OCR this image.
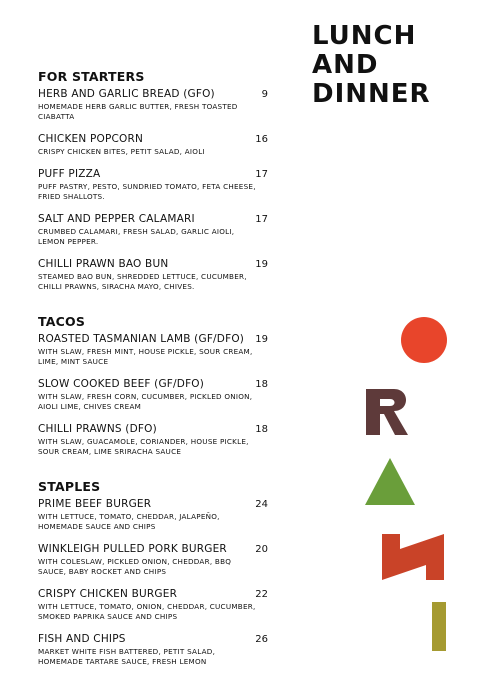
LUNCH
AND
DINNER
FOR STARTERS
HERB AND GARLIC BREAD (GFO)	9
HOMEMADE HERB GARLIC BUTTER, FRESH TOASTED CIABATTA
CHICKEN POPCORN	16
CRISPY CHICKEN BITES, PETIT SALAD, AIOLI
PUFF PIZZA	17
PUFF PASTRY, PESTO, SUNDRIED TOMATO, FETA CHEESE, FRIED SHALLOTS.
SALT AND PEPPER CALAMARI	17
CRUMBED CALAMARI, FRESH SALAD, GARLIC AIOLI, LEMON PEPPER.
CHILLI PRAWN BAO BUN	19
STEAMED BAO BUN, SHREDDED LETTUCE, CUCUMBER, CHILLI PRAWNS, SIRACHA MAYO, CHIVES.
TACOS
ROASTED TASMANIAN LAMB (GF/DFO)	19
WITH SLAW, FRESH MINT, HOUSE PICKLE, SOUR CREAM, LIME, MINT SAUCE
SLOW COOKED BEEF (GF/DFO)	18
WITH SLAW, FRESH CORN, CUCUMBER, PICKLED ONION, AIOLI LIME, CHIVES CREAM
CHILLI PRAWNS (DFO)	18
WITH SLAW, GUACAMOLE, CORIANDER, HOUSE PICKLE, SOUR CREAM, LIME SRIRACHA SAUCE
STAPLES
PRIME BEEF BURGER	24
WITH LETTUCE, TOMATO, CHEDDAR, JALAPEÑO, HOMEMADE SAUCE AND CHIPS
WINKLEIGH PULLED PORK BURGER	20
WITH COLESLAW, PICKLED ONION, CHEDDAR, BBQ SAUCE, BABY ROCKET AND CHIPS
CRISPY CHICKEN BURGER	22
WITH LETTUCE, TOMATO, ONION, CHEDDAR, CUCUMBER, SMOKED PAPRIKA SAUCE AND CHIPS
FISH AND CHIPS	26
MARKET WHITE FISH BATTERED, PETIT SALAD, HOMEMADE TARTARE SAUCE, FRESH LEMON
